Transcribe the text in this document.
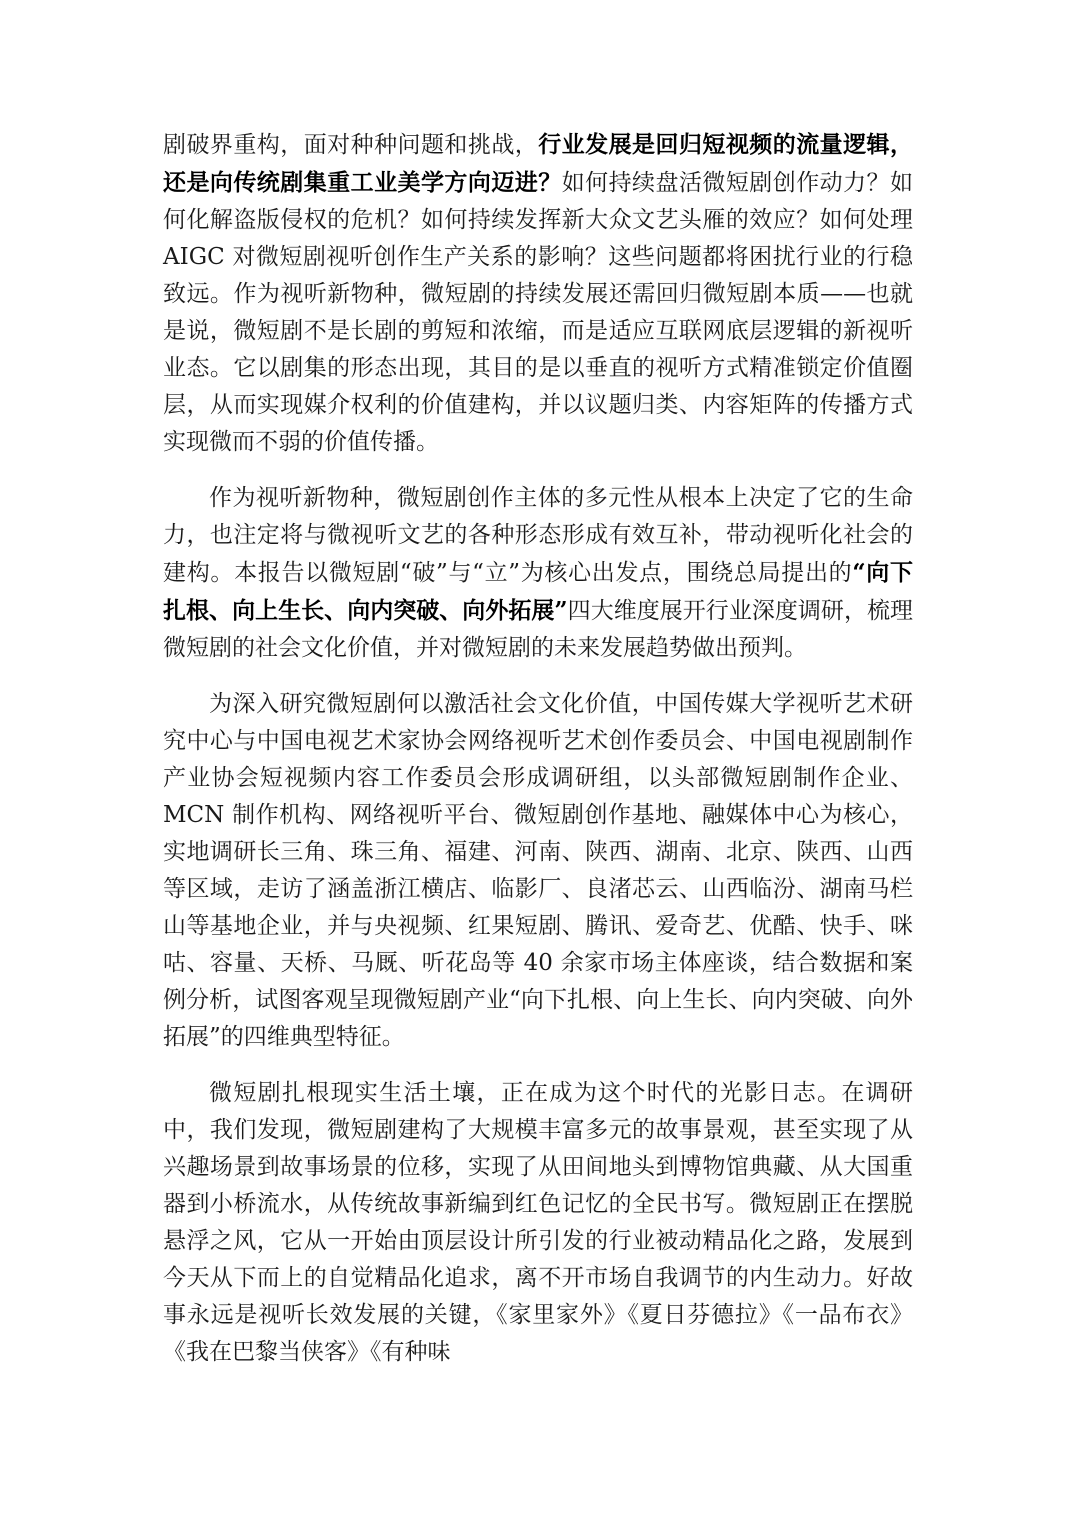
剧破界重构，面对种种问题和挑战，行业发展是回归短视频的流量逻辑，还是向传统剧集重工业美学方向迈进？如何持续盘活微短剧创作动力？如何化解盗版侵权的危机？如何持续发挥新大众文艺头雁的效应？如何处理 AIGC 对微短剧视听创作生产关系的影响？这些问题都将困扰行业的行稳致远。作为视听新物种，微短剧的持续发展还需回归微短剧本质——也就是说，微短剧不是长剧的剪短和浓缩，而是适应互联网底层逻辑的新视听业态。它以剧集的形态出现，其目的是以垂直的视听方式精准锁定价值圈层，从而实现媒介权利的价值建构，并以议题归类、内容矩阵的传播方式实现微而不弱的价值传播。

作为视听新物种，微短剧创作主体的多元性从根本上决定了它的生命力，也注定将与微视听文艺的各种形态形成有效互补，带动视听化社会的建构。本报告以微短剧“破”与“立”为核心出发点，围绕总局提出的“向下扎根、向上生长、向内突破、向外拓展”四大维度展开行业深度调研，梳理微短剧的社会文化价值，并对微短剧的未来发展趋势做出预判。

为深入研究微短剧何以激活社会文化价值，中国传媒大学视听艺术研究中心与中国电视艺术家协会网络视听艺术创作委员会、中国电视剧制作产业协会短视频内容工作委员会形成调研组，以头部微短剧制作企业、MCN 制作机构、网络视听平台、微短剧创作基地、融媒体中心为核心，实地调研长三角、珠三角、福建、河南、陕西、湖南、北京、陕西、山西等区域，走访了涵盖浙江横店、临影厂、良渚芯云、山西临汾、湖南马栏山等基地企业，并与央视频、红果短剧、腾讯、爱奇艺、优酷、快手、咪咕、容量、天桥、马厩、听花岛等 40 余家市场主体座谈，结合数据和案例分析，试图客观呈现微短剧产业“向下扎根、向上生长、向内突破、向外拓展”的四维典型特征。

微短剧扎根现实生活土壤，正在成为这个时代的光影日志。在调研中，我们发现，微短剧建构了大规模丰富多元的故事景观，甚至实现了从兴趣场景到故事场景的位移，实现了从田间地头到博物馆典藏、从大国重器到小桥流水，从传统故事新编到红色记忆的全民书写。微短剧正在摆脱悬浮之风，它从一开始由顶层设计所引发的行业被动精品化之路，发展到今天从下而上的自觉精品化追求，离不开市场自我调节的内生动力。好故事永远是视听长效发展的关键，《家里家外》《夏日芬德拉》《一品布衣》《我在巴黎当侠客》《有种味
